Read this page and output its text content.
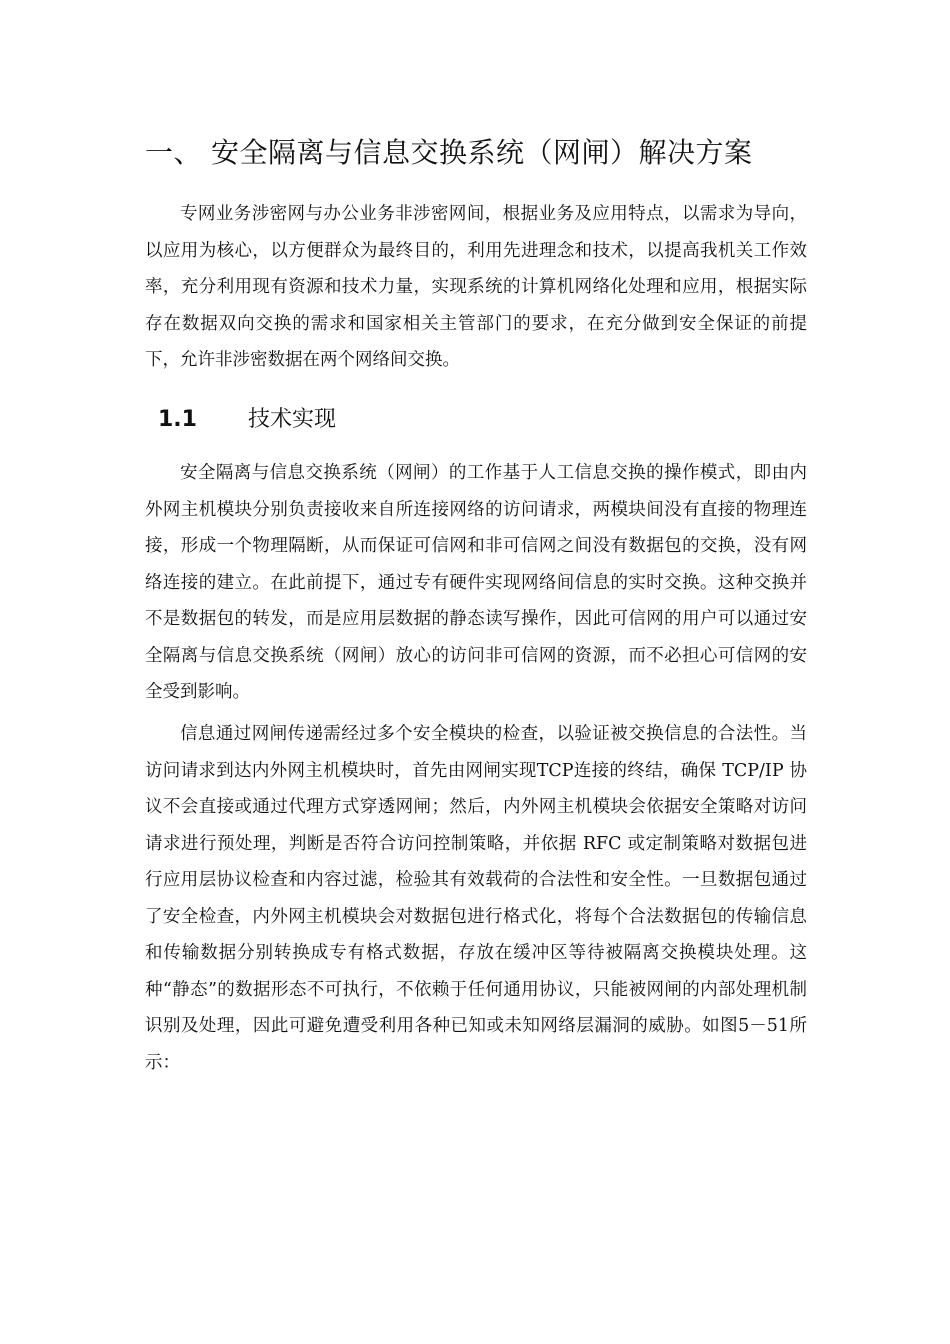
一、 安全隔离与信息交换系统（网闸）解决方案

专网业务涉密网与办公业务非涉密网间，根据业务及应用特点，以需求为导向，以应用为核心，以方便群众为最终目的，利用先进理念和技术，以提高我机关工作效率，充分利用现有资源和技术力量，实现系统的计算机网络化处理和应用，根据实际存在数据双向交换的需求和国家相关主管部门的要求，在充分做到安全保证的前提下，允许非涉密数据在两个网络间交换。

1.1 技术实现

安全隔离与信息交换系统（网闸）的工作基于人工信息交换的操作模式，即由内外网主机模块分别负责接收来自所连接网络的访问请求，两模块间没有直接的物理连接，形成一个物理隔断，从而保证可信网和非可信网之间没有数据包的交换，没有网络连接的建立。在此前提下，通过专有硬件实现网络间信息的实时交换。这种交换并不是数据包的转发，而是应用层数据的静态读写操作，因此可信网的用户可以通过安全隔离与信息交换系统（网闸）放心的访问非可信网的资源，而不必担心可信网的安全受到影响。

信息通过网闸传递需经过多个安全模块的检查，以验证被交换信息的合法性。当访问请求到达内外网主机模块时，首先由网闸实现TCP连接的终结，确保 TCP/IP 协议不会直接或通过代理方式穿透网闸；然后，内外网主机模块会依据安全策略对访问请求进行预处理，判断是否符合访问控制策略，并依据 RFC 或定制策略对数据包进行应用层协议检查和内容过滤，检验其有效载荷的合法性和安全性。一旦数据包通过了安全检查，内外网主机模块会对数据包进行格式化，将每个合法数据包的传输信息和传输数据分别转换成专有格式数据，存放在缓冲区等待被隔离交换模块处理。这种“静态”的数据形态不可执行，不依赖于任何通用协议，只能被网闸的内部处理机制识别及处理，因此可避免遭受利用各种已知或未知网络层漏洞的威胁。如图5－51所示：
